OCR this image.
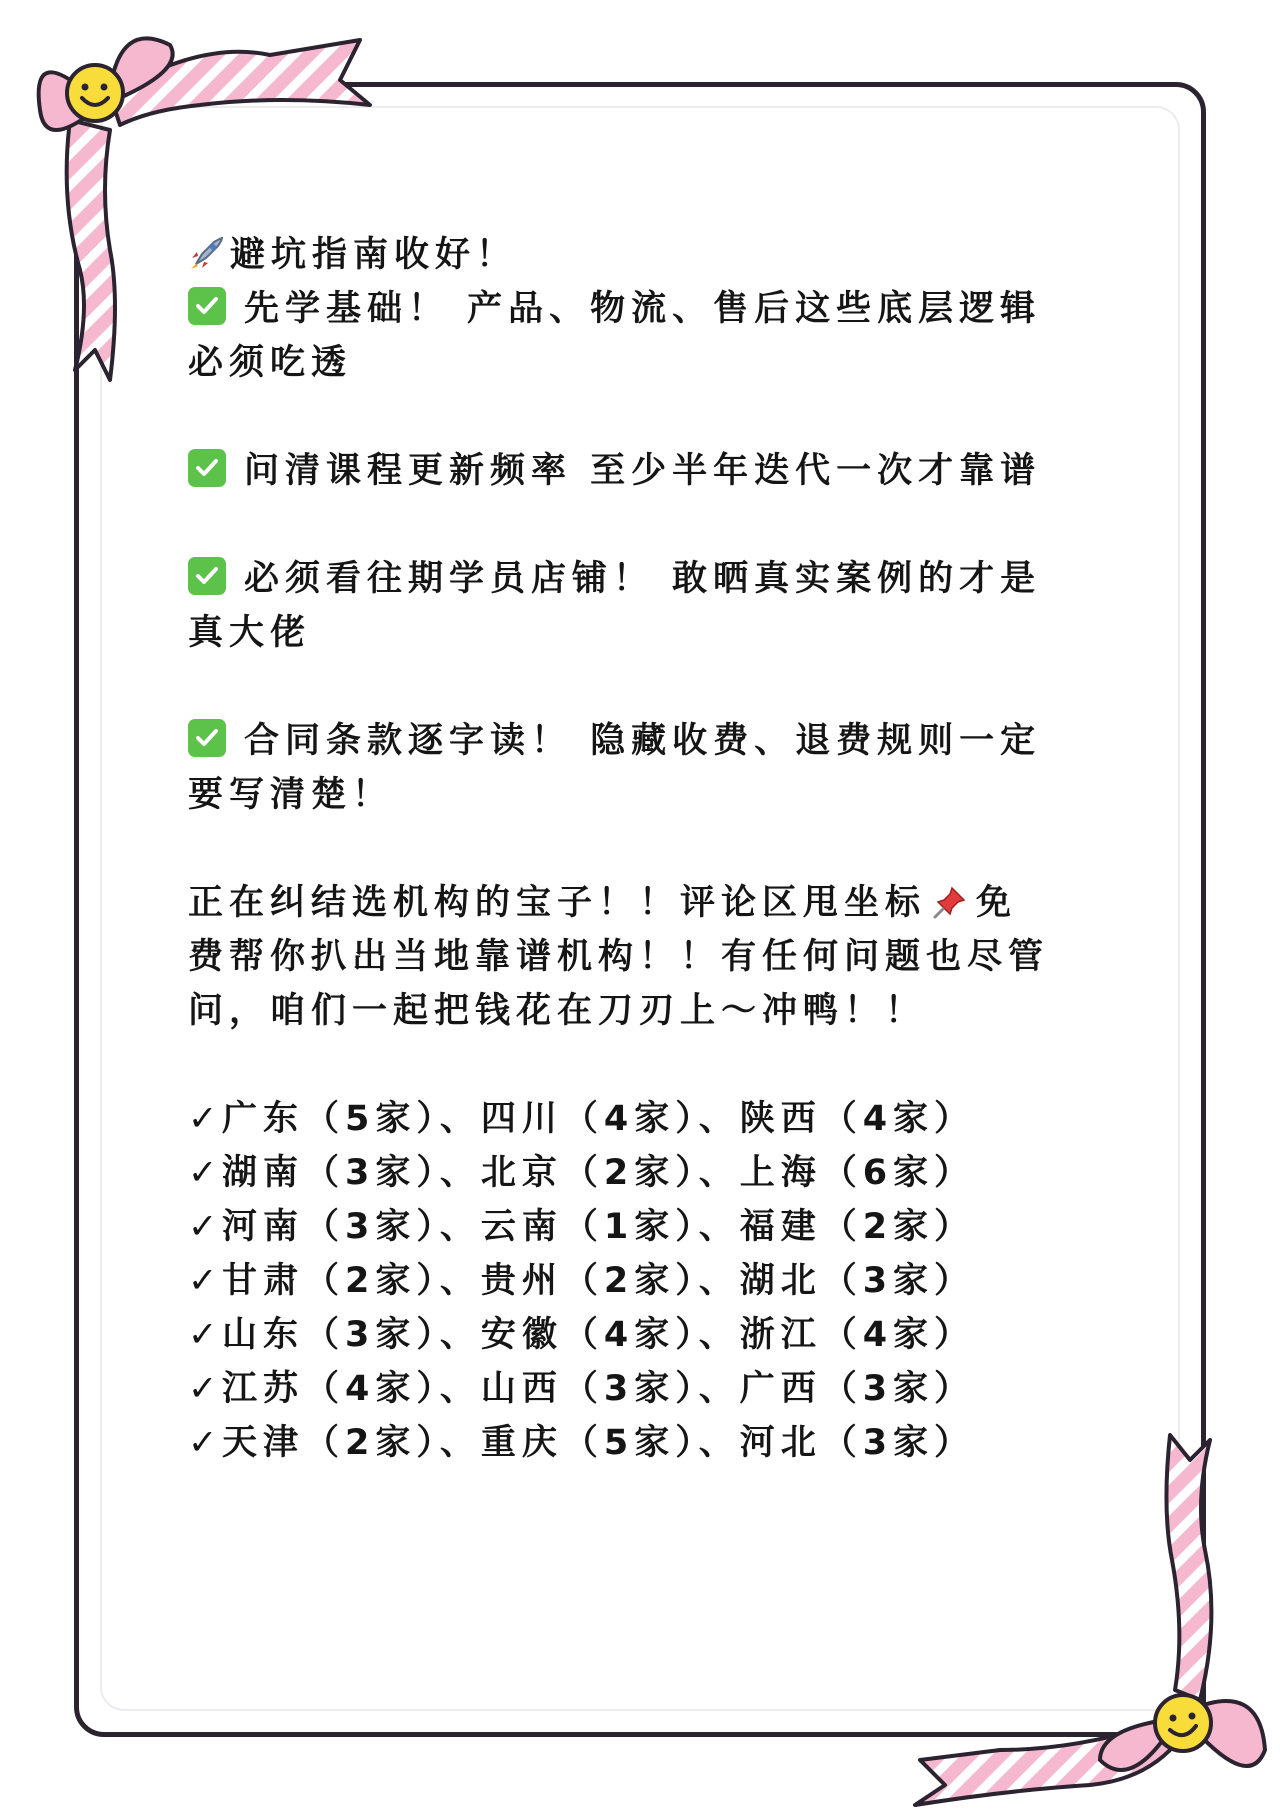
避坑指南收好！
先学基础！ 产品、物流、售后这些底层逻辑
必须吃透
问清课程更新频率 至少半年迭代一次才靠谱
必须看往期学员店铺！ 敢晒真实案例的才是
真大佬
合同条款逐字读！ 隐藏收费、退费规则一定
要写清楚！
正在纠结选机构的宝子！！评论区甩坐标 免
费帮你扒出当地靠谱机构！！有任何问题也尽管
问，咱们一起把钱花在刀刃上～冲鸭！！
✓ 广东（5家）、四川（4家）、陕西（4家）
✓ 湖南（3家）、北京（2家）、上海（6家）
✓ 河南（3家）、云南（1家）、福建（2家）
✓ 甘肃（2家）、贵州（2家）、湖北（3家）
✓ 山东（3家）、安徽（4家）、浙江（4家）
✓ 江苏（4家）、山西（3家）、广西（3家）
✓ 天津（2家）、重庆（5家）、河北（3家）
